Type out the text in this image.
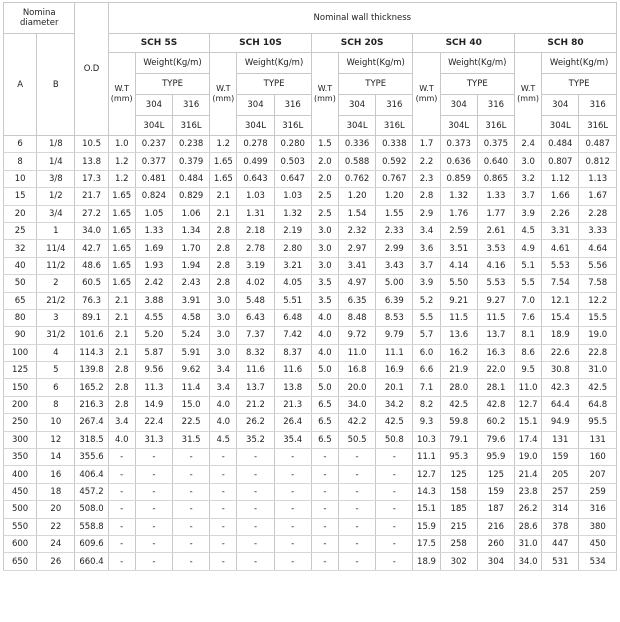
Nomina diameter		O.D	Nominal wall thickness														
A	B		SCH 5S			SCH 10S			SCH 20S			SCH 40			SCH 80		
			W.T (mm)	Weight(Kg/m)		W.T (mm)	Weight(Kg/m)		W.T (mm)	Weight(Kg/m)		W.T (mm)	Weight(Kg/m)		W.T (mm)	Weight(Kg/m)	
				TYPE			TYPE			TYPE			TYPE			TYPE	
				304	316		304	316		304	316		304	316		304	316
				304L	316L		304L	316L		304L	316L		304L	316L		304L	316L
6	1/8	10.5	1.0	0.237	0.238	1.2	0.278	0.280	1.5	0.336	0.338	1.7	0.373	0.375	2.4	0.484	0.487
8	1/4	13.8	1.2	0.377	0.379	1.65	0.499	0.503	2.0	0.588	0.592	2.2	0.636	0.640	3.0	0.807	0.812
10	3/8	17.3	1.2	0.481	0.484	1.65	0.643	0.647	2.0	0.762	0.767	2.3	0.859	0.865	3.2	1.12	1.13
15	1/2	21.7	1.65	0.824	0.829	2.1	1.03	1.03	2.5	1.20	1.20	2.8	1.32	1.33	3.7	1.66	1.67
20	3/4	27.2	1.65	1.05	1.06	2.1	1.31	1.32	2.5	1.54	1.55	2.9	1.76	1.77	3.9	2.26	2.28
25	1	34.0	1.65	1.33	1.34	2.8	2.18	2.19	3.0	2.32	2.33	3.4	2.59	2.61	4.5	3.31	3.33
32	11/4	42.7	1.65	1.69	1.70	2.8	2.78	2.80	3.0	2.97	2.99	3.6	3.51	3.53	4.9	4.61	4.64
40	11/2	48.6	1.65	1.93	1.94	2.8	3.19	3.21	3.0	3.41	3.43	3.7	4.14	4.16	5.1	5.53	5.56
50	2	60.5	1.65	2.42	2.43	2.8	4.02	4.05	3.5	4.97	5.00	3.9	5.50	5.53	5.5	7.54	7.58
65	21/2	76.3	2.1	3.88	3.91	3.0	5.48	5.51	3.5	6.35	6.39	5.2	9.21	9.27	7.0	12.1	12.2
80	3	89.1	2.1	4.55	4.58	3.0	6.43	6.48	4.0	8.48	8.53	5.5	11.5	11.5	7.6	15.4	15.5
90	31/2	101.6	2.1	5.20	5.24	3.0	7.37	7.42	4.0	9.72	9.79	5.7	13.6	13.7	8.1	18.9	19.0
100	4	114.3	2.1	5.87	5.91	3.0	8.32	8.37	4.0	11.0	11.1	6.0	16.2	16.3	8.6	22.6	22.8
125	5	139.8	2.8	9.56	9.62	3.4	11.6	11.6	5.0	16.8	16.9	6.6	21.9	22.0	9.5	30.8	31.0
150	6	165.2	2.8	11.3	11.4	3.4	13.7	13.8	5.0	20.0	20.1	7.1	28.0	28.1	11.0	42.3	42.5
200	8	216.3	2.8	14.9	15.0	4.0	21.2	21.3	6.5	34.0	34.2	8.2	42.5	42.8	12.7	64.4	64.8
250	10	267.4	3.4	22.4	22.5	4.0	26.2	26.4	6.5	42.2	42.5	9.3	59.8	60.2	15.1	94.9	95.5
300	12	318.5	4.0	31.3	31.5	4.5	35.2	35.4	6.5	50.5	50.8	10.3	79.1	79.6	17.4	131	131
350	14	355.6	-	-	-	-	-	-	-	-	-	11.1	95.3	95.9	19.0	159	160
400	16	406.4	-	-	-	-	-	-	-	-	-	12.7	125	125	21.4	205	207
450	18	457.2	-	-	-	-	-	-	-	-	-	14.3	158	159	23.8	257	259
500	20	508.0	-	-	-	-	-	-	-	-	-	15.1	185	187	26.2	314	316
550	22	558.8	-	-	-	-	-	-	-	-	-	15.9	215	216	28.6	378	380
600	24	609.6	-	-	-	-	-	-	-	-	-	17.5	258	260	31.0	447	450
650	26	660.4	-	-	-	-	-	-	-	-	-	18.9	302	304	34.0	531	534
